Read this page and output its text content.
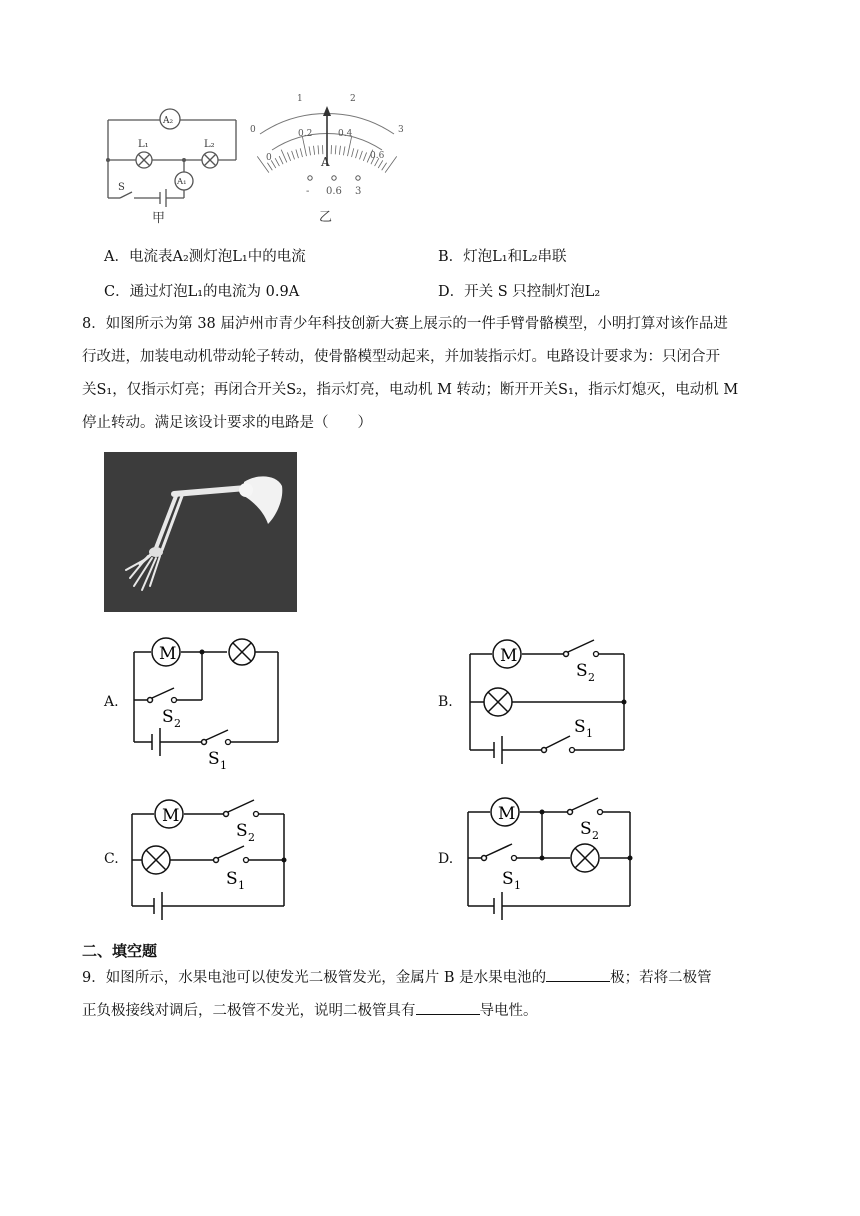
A₂
A₁
L₁	L₂
S
甲
0
1	2
3
0
0.2	0.4
0.6
A
- 0.6 3
乙
A．电流表A₂测灯泡L₁中的电流	B．灯泡L₁和L₂串联
C．通过灯泡L₁的电流为 0.9A	D．开关 S 只控制灯泡L₂
8．如图所示为第 38 届泸州市青少年科技创新大赛上展示的一件手臂骨骼模型，小明打算对该作品进
行改进，加装电动机带动轮子转动，使骨骼模型动起来，并加装指示灯。电路设计要求为：只闭合开
关S₁，仅指示灯亮；再闭合开关S₂，指示灯亮，电动机 M 转动；断开开关S₁，指示灯熄灭，电动机 M
停止转动。满足该设计要求的电路是（　　）
A.
M
S 2
S 1
B.
M
S 2
S 1
C.
M
S 2
S 1
D.
M
S 2
S 1
二、填空题
9．如图所示，水果电池可以使发光二极管发光，金属片 B 是水果电池的	极；若将二极管
正负极接线对调后，二极管不发光，说明二极管具有	导电性。
